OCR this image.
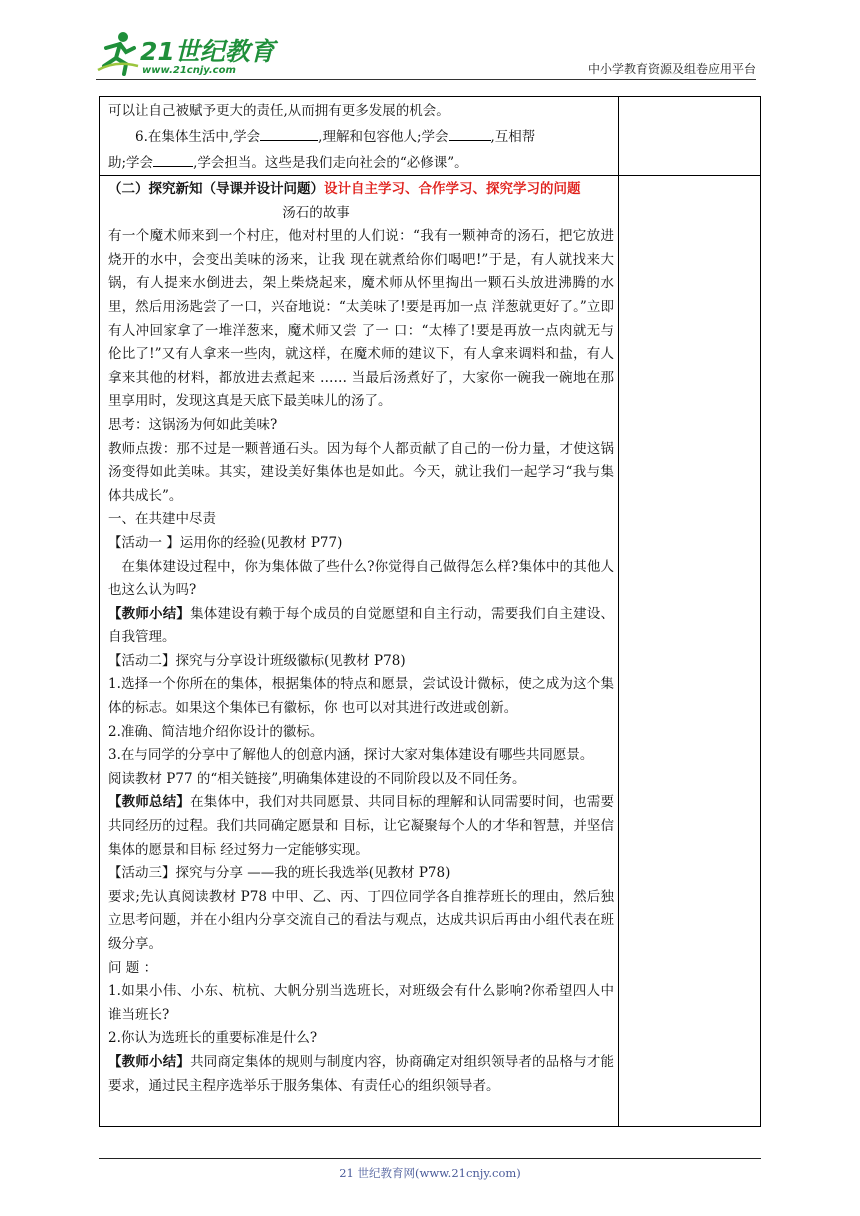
21世纪教育
www.21cnjy.com	中小学教育资源及组卷应用平台

可以让自己被赋予更大的责任,从而拥有更多发展的机会。

6.在集体生活中,学会	,理解和包容他人;学会	,互相帮

助;学会	,学会担当。这些是我们走向社会的“必修课”。

（二）探究新知（导课并设计问题）设计自主学习、合作学习、探究学习的问题

汤石的故事

有一个魔术师来到一个村庄，他对村里的人们说：“我有一颗神奇的汤石，把它放进烧开的水中，会变出美味的汤来，让我 现在就煮给你们喝吧!”于是，有人就找来大锅，有人提来水倒进去，架上柴烧起来，魔术师从怀里掏出一颗石头放进沸腾的水 里，然后用汤匙尝了一口，兴奋地说：“太美味了!要是再加一点 洋葱就更好了。”立即有人冲回家拿了一堆洋葱来，魔术师又尝 了一 口：“太棒了!要是再放一点肉就无与伦比了!”又有人拿来一些肉，就这样，在魔术师的建议下，有人拿来调料和盐，有人拿来其他的材料，都放进去煮起来 …… 当最后汤煮好了，大家你一碗我一碗地在那里享用时，发现这真是天底下最美味儿的汤了。

思考：这锅汤为何如此美味?

教师点拨：那不过是一颗普通石头。因为每个人都贡献了自己的一份力量，才使这锅汤变得如此美味。其实，建设美好集体也是如此。今天，就让我们一起学习“我与集体共成长”。

一、在共建中尽责

【活动一 】运用你的经验(见教材 P77)

在集体建设过程中，你为集体做了些什么?你觉得自己做得怎么样?集体中的其他人也这么认为吗?

【教师小结】集体建设有赖于每个成员的自觉愿望和自主行动，需要我们自主建设、自我管理。

【活动二】探究与分享设计班级徽标(见教材 P78)

1.选择一个你所在的集体，根据集体的特点和愿景，尝试设计微标，使之成为这个集体的标志。如果这个集体已有徽标，你 也可以对其进行改进或创新。

2.准确、简洁地介绍你设计的徽标。

3.在与同学的分享中了解他人的创意内涵，探讨大家对集体建设有哪些共同愿景。

阅读教材 P77 的“相关链接”,明确集体建设的不同阶段以及不同任务。

【教师总结】在集体中，我们对共同愿景、共同目标的理解和认同需要时间，也需要共同经历的过程。我们共同确定愿景和 目标，让它凝聚每个人的才华和智慧，并坚信集体的愿景和目标 经过努力一定能够实现。

【活动三】探究与分享 ——我的班长我选举(见教材 P78)

要求;先认真阅读教材 P78 中甲、乙、丙、丁四位同学各自推荐班长的理由，然后独立思考问题，并在小组内分享交流自己的看法与观点，达成共识后再由小组代表在班级分享。

问 题 ：

1.如果小伟、小东、杭杭、大帆分别当选班长，对班级会有什么影响?你希望四人中谁当班长?

2.你认为选班长的重要标准是什么?

【教师小结】共同商定集体的规则与制度内容，协商确定对组织领导者的品格与才能要求，通过民主程序选举乐于服务集体、有责任心的组织领导者。

21 世纪教育网(www.21cnjy.com)
